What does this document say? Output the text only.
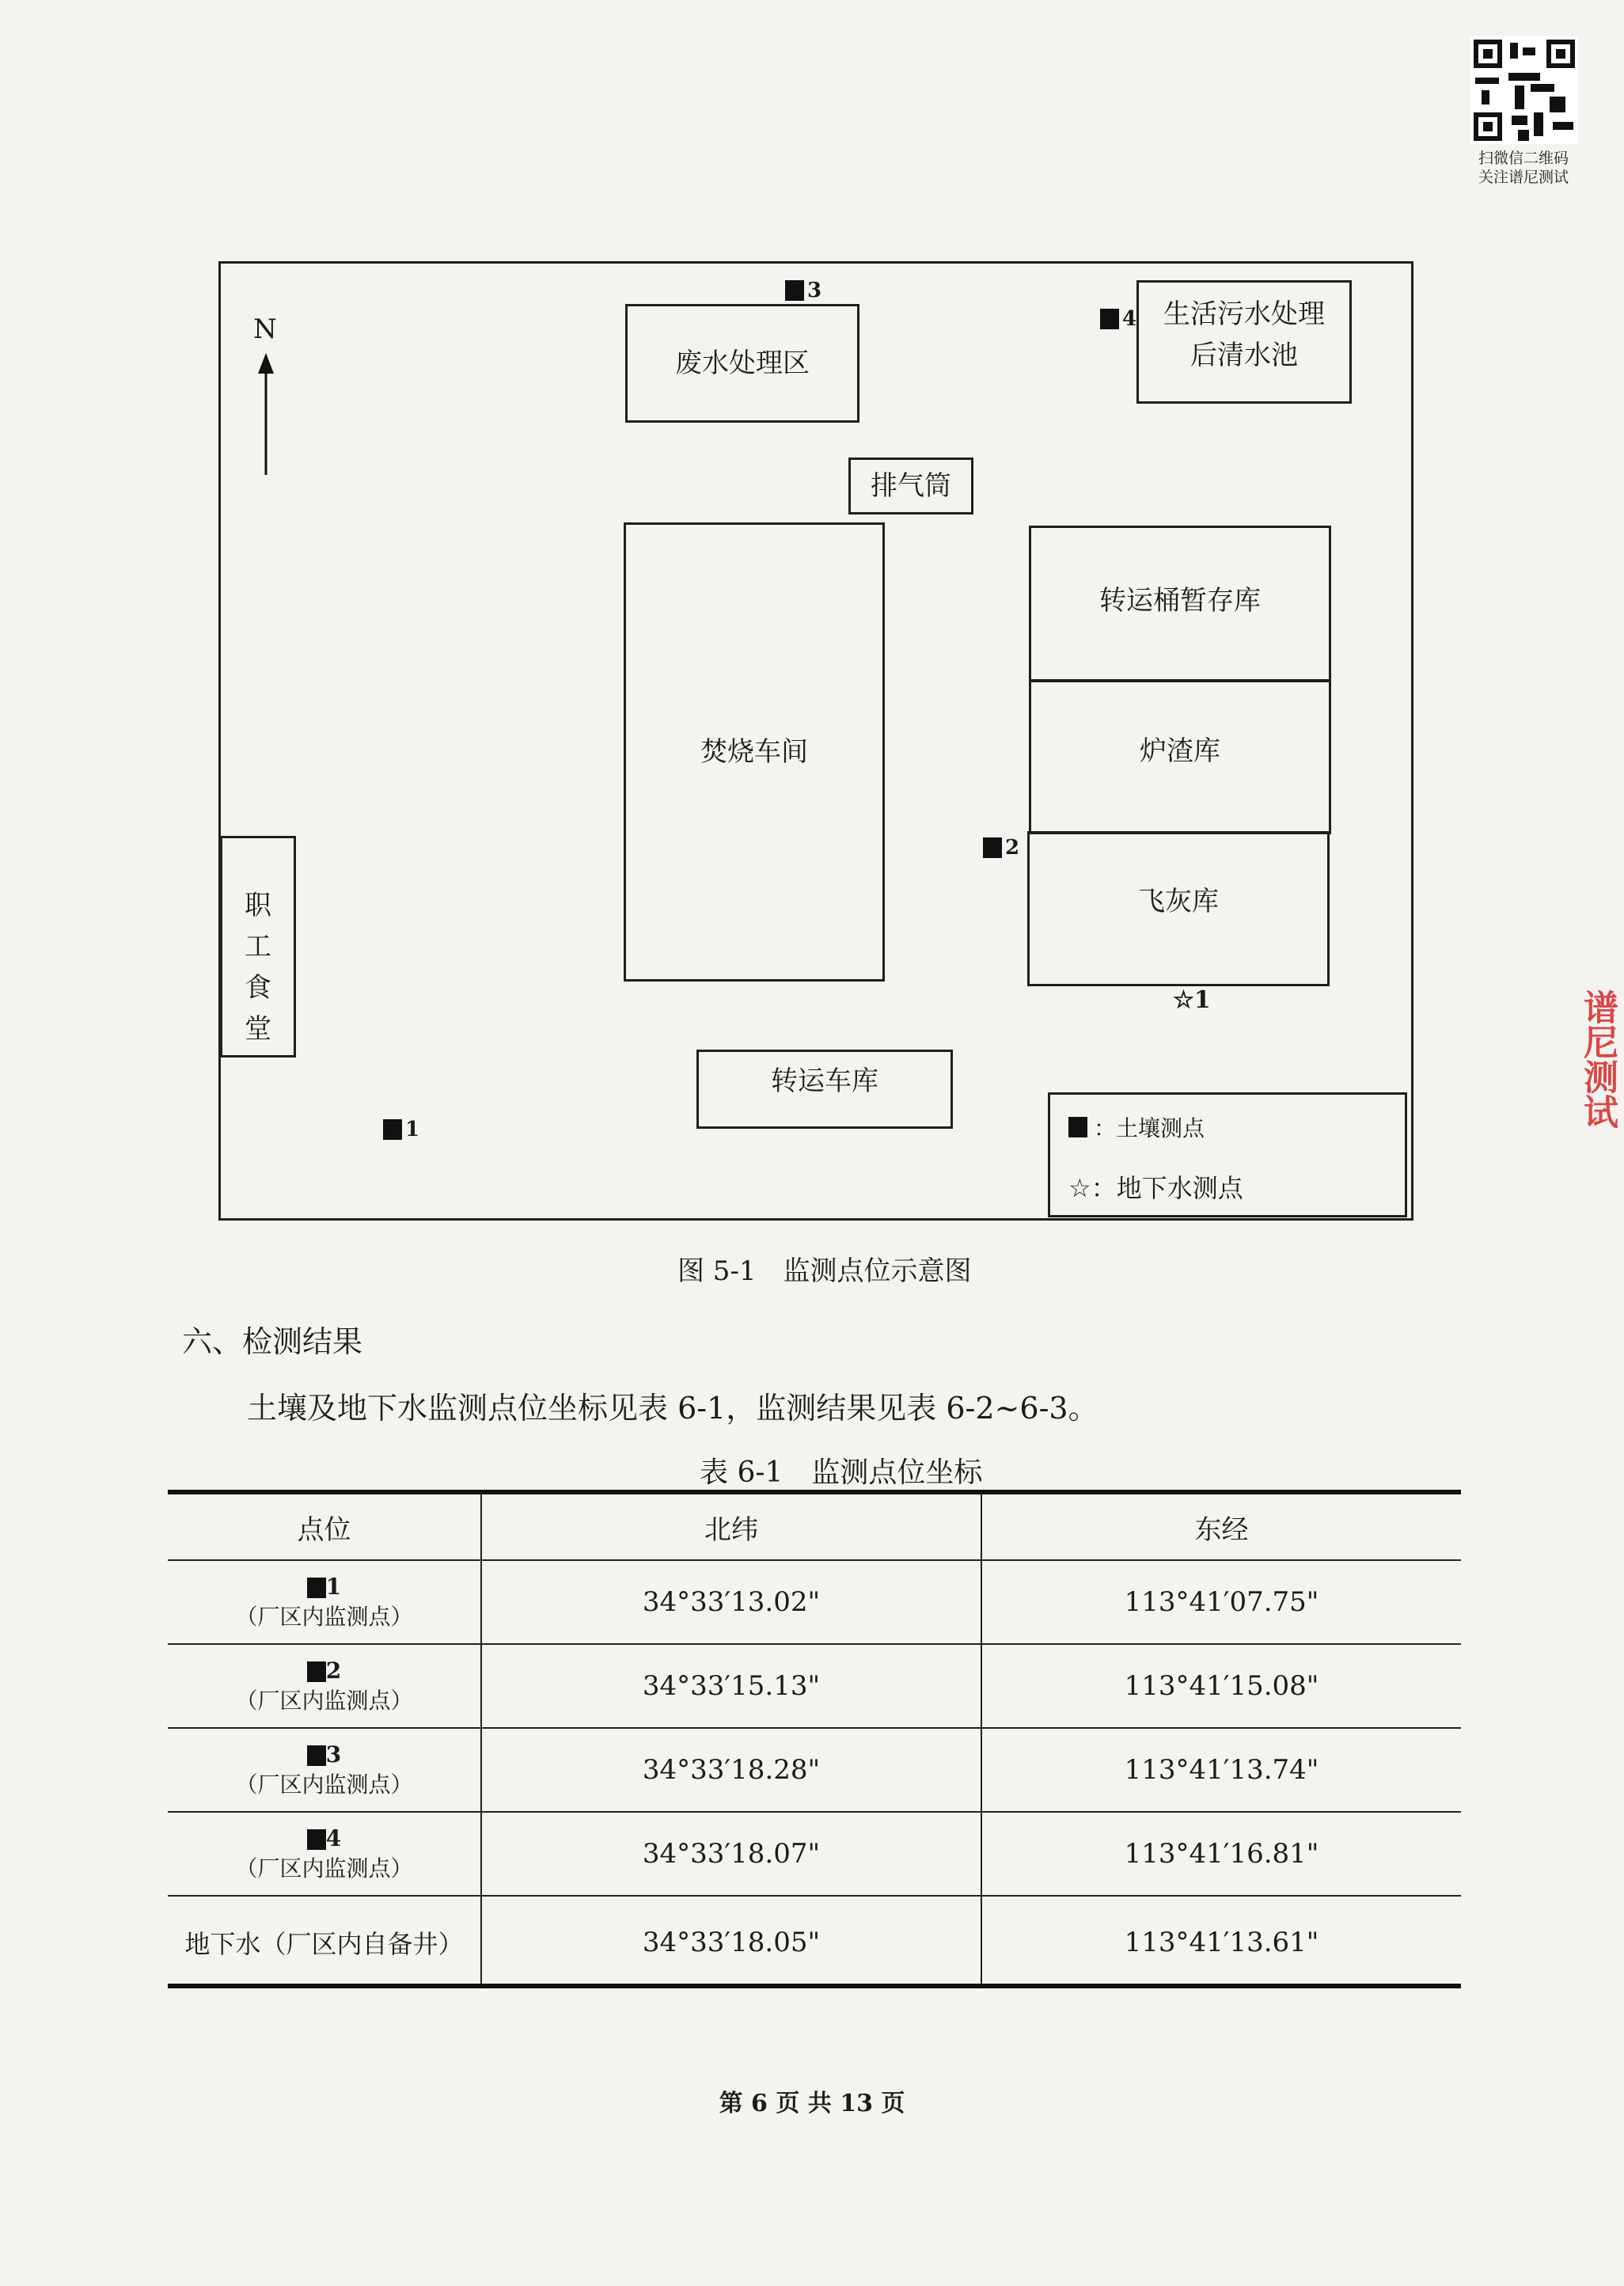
扫微信二维码
关注谱尼测试
N
废水处理区
3
4 生活污水处理
后清水池
排气筒
焚烧车间
转运桶暂存库
炉渣库
飞灰库
2
☆1
职
工
食
堂
转运车库
1	：土壤测点
☆：地下水测点
图 5-1　监测点位示意图
六、检测结果
土壤及地下水监测点位坐标见表 6-1，监测结果见表 6-2~6-3。
表 6-1　监测点位坐标
点位	北纬	东经

1
（厂区内监测点）	34°33′13.02"	113°41′07.75"

2
（厂区内监测点）	34°33′15.13"	113°41′15.08"

3
（厂区内监测点）	34°33′18.28"	113°41′13.74"

4
（厂区内监测点）	34°33′18.07"	113°41′16.81"
地下水（厂区内自备井）	34°33′18.05"	113°41′13.61"
第 6 页 共 13 页
谱尼测试
